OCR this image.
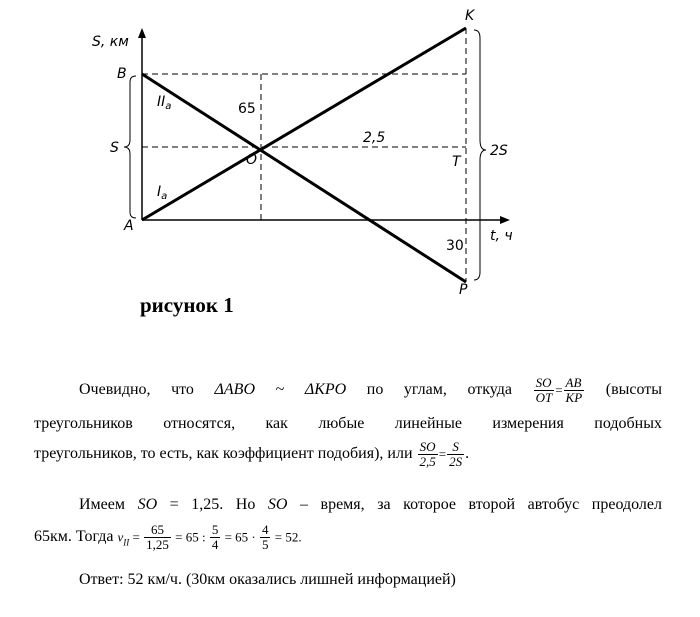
S, км
t, ч
B
A
K
P
O	T
$II_a$
$I_a$
S	2S
65
2,5
30
рисунок 1
Очевидно, что ΔABO ~ ΔKPO по углам, откуда $\frac{SO}{OT} = \frac{AB}{KP}$ (высоты
треугольников относятся, как любые линейные измерения подобных
треугольников, то есть, как коэффициент подобия), или $\frac{SO}{2,5} = \frac{S}{2S}$ .
Имеем SO = 1,25. Но SO – время, за которое второй автобус преодолел
65км. Тогда $v_{II} = \frac{65}{1,25} = 65$ : $\frac{5}{4} = 65 \cdot \frac{4}{5} = 52$.
Ответ: 52 км/ч. (30км оказались лишней информацией)
